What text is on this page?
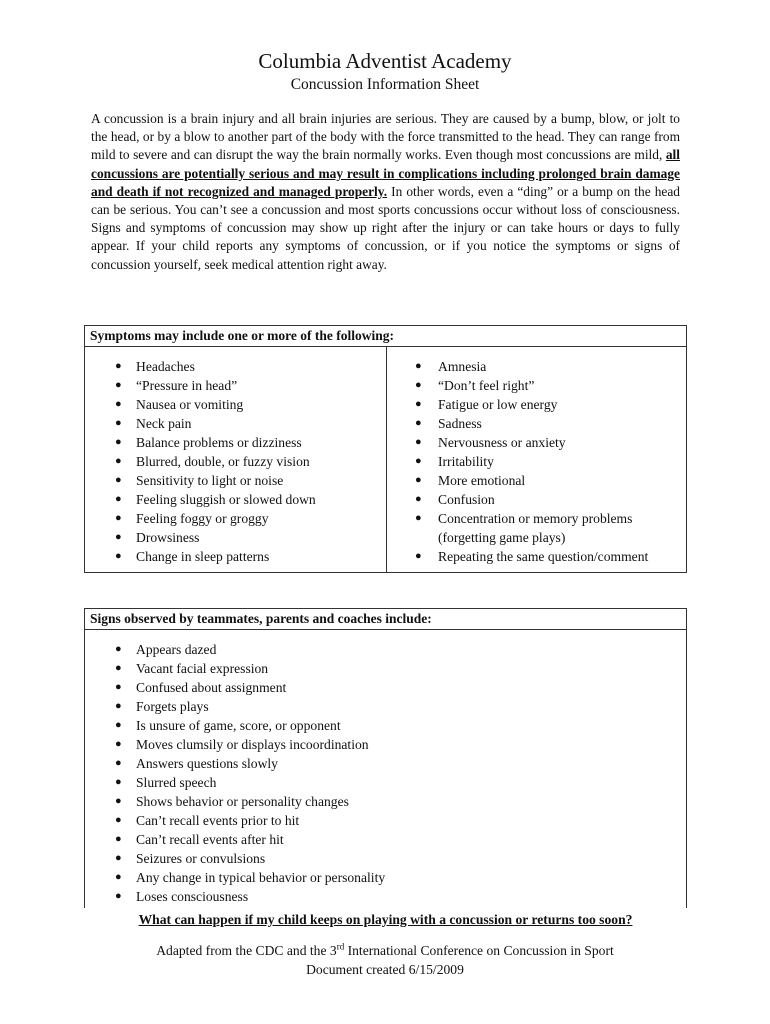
Columbia Adventist Academy
Concussion Information Sheet
A concussion is a brain injury and all brain injuries are serious. They are caused by a bump, blow, or jolt to the head, or by a blow to another part of the body with the force transmitted to the head. They can range from mild to severe and can disrupt the way the brain normally works. Even though most concussions are mild, all concussions are potentially serious and may result in complications including prolonged brain damage and death if not recognized and managed properly. In other words, even a “ding” or a bump on the head can be serious. You can’t see a concussion and most sports concussions occur without loss of consciousness. Signs and symptoms of concussion may show up right after the injury or can take hours or days to fully appear. If your child reports any symptoms of concussion, or if you notice the symptoms or signs of concussion yourself, seek medical attention right away.
Symptoms may include one or more of the following:
● Headaches
● “Pressure in head”
● Nausea or vomiting
● Neck pain
● Balance problems or dizziness
● Blurred, double, or fuzzy vision
● Sensitivity to light or noise
● Feeling sluggish or slowed down
● Feeling foggy or groggy
● Drowsiness
● Change in sleep patterns
● Amnesia
● “Don’t feel right”
● Fatigue or low energy
● Sadness
● Nervousness or anxiety
● Irritability
● More emotional
● Confusion
● Concentration or memory problems
(forgetting game plays)
● Repeating the same question/comment
Signs observed by teammates, parents and coaches include:
● Appears dazed
● Vacant facial expression
● Confused about assignment
● Forgets plays
● Is unsure of game, score, or opponent
● Moves clumsily or displays incoordination
● Answers questions slowly
● Slurred speech
● Shows behavior or personality changes
● Can’t recall events prior to hit
● Can’t recall events after hit
● Seizures or convulsions
● Any change in typical behavior or personality
● Loses consciousness
What can happen if my child keeps on playing with a concussion or returns too soon?
Adapted from the CDC and the 3rd International Conference on Concussion in Sport
Document created 6/15/2009
